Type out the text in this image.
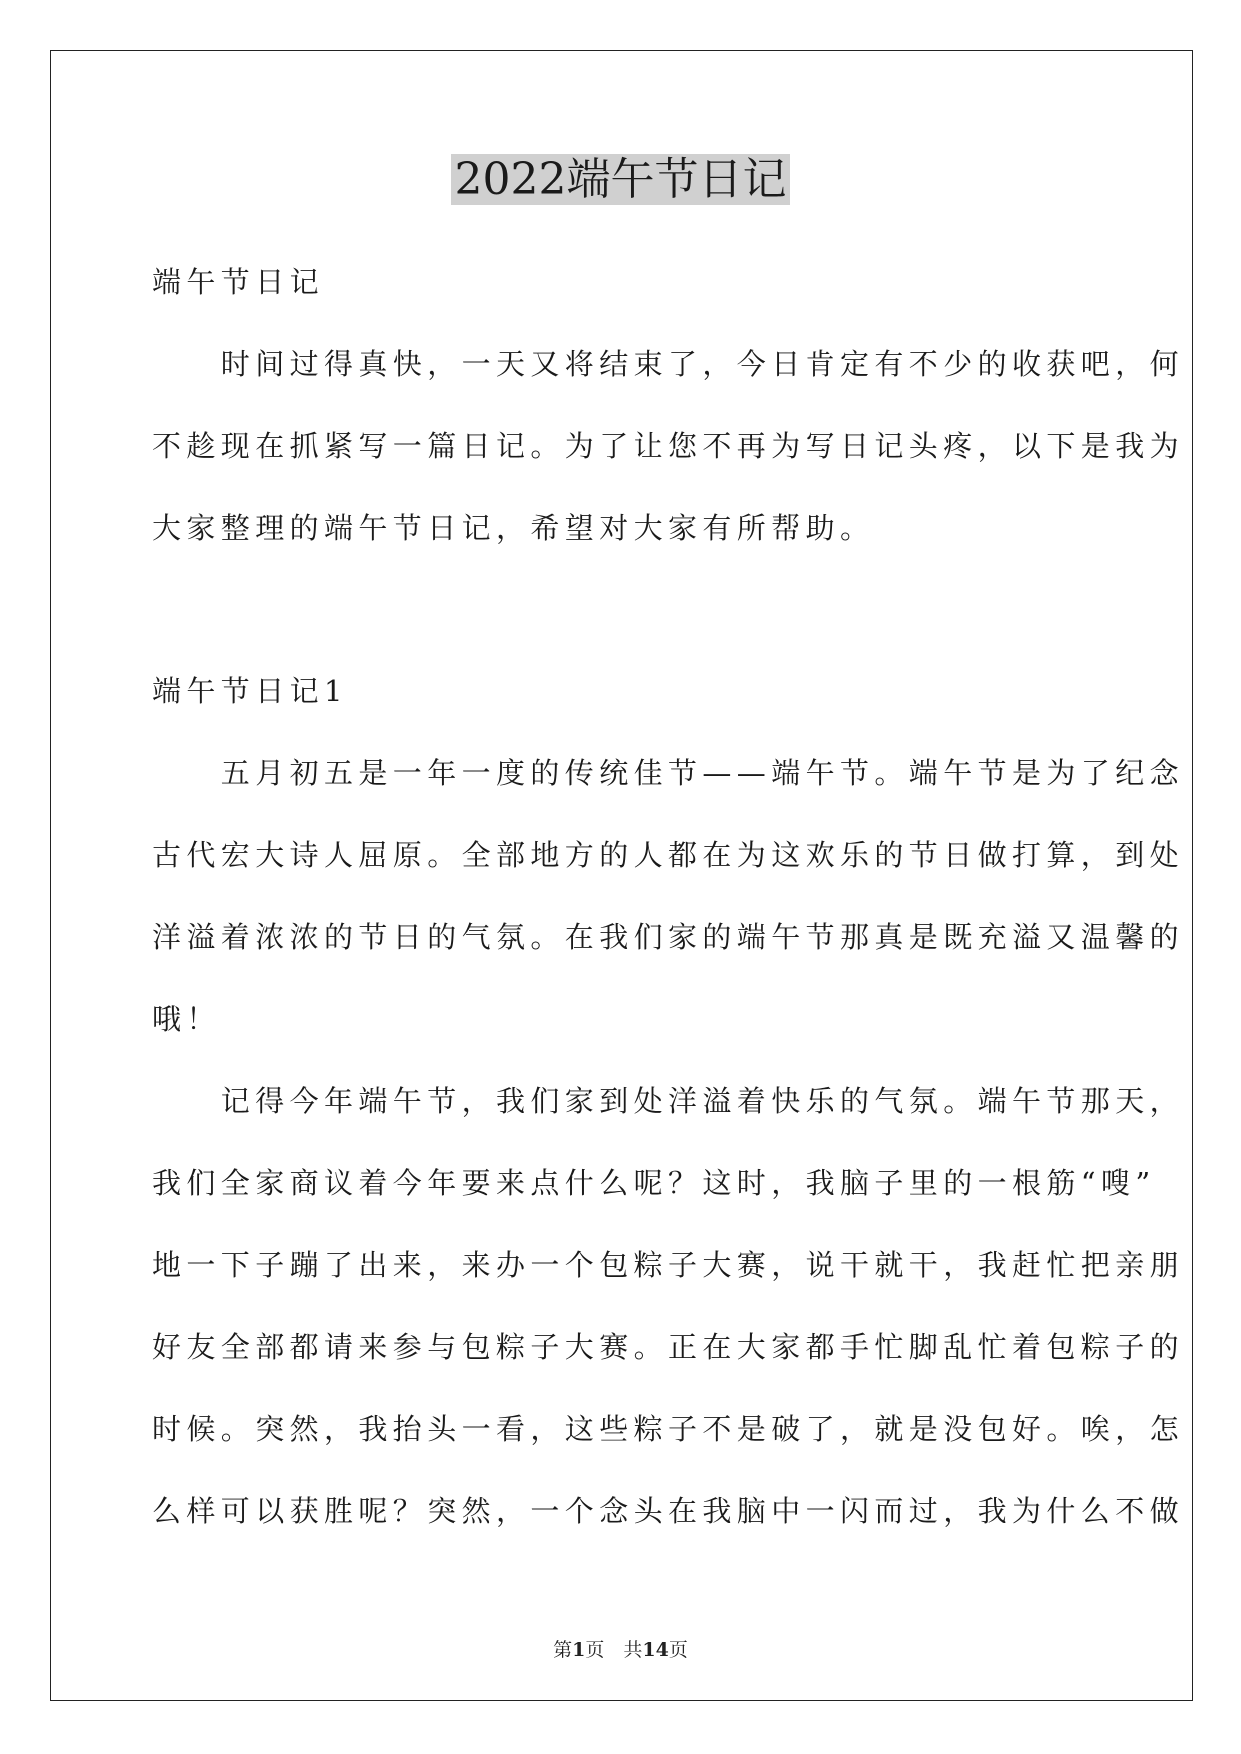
2022端午节日记
端午节日记
　　时间过得真快，一天又将结束了，今日肯定有不少的收获吧，何
不趁现在抓紧写一篇日记。为了让您不再为写日记头疼，以下是我为
大家整理的端午节日记，希望对大家有所帮助。
端午节日记1
　　五月初五是一年一度的传统佳节——端午节。端午节是为了纪念
古代宏大诗人屈原。全部地方的人都在为这欢乐的节日做打算，到处
洋溢着浓浓的节日的气氛。在我们家的端午节那真是既充溢又温馨的
哦！
　　记得今年端午节，我们家到处洋溢着快乐的气氛。端午节那天，
我们全家商议着今年要来点什么呢？这时，我脑子里的一根筋“嗖”
地一下子蹦了出来，来办一个包粽子大赛，说干就干，我赶忙把亲朋
好友全部都请来参与包粽子大赛。正在大家都手忙脚乱忙着包粽子的
时候。突然，我抬头一看，这些粽子不是破了，就是没包好。唉，怎
么样可以获胜呢？突然，一个念头在我脑中一闪而过，我为什么不做
第1页　共14页
